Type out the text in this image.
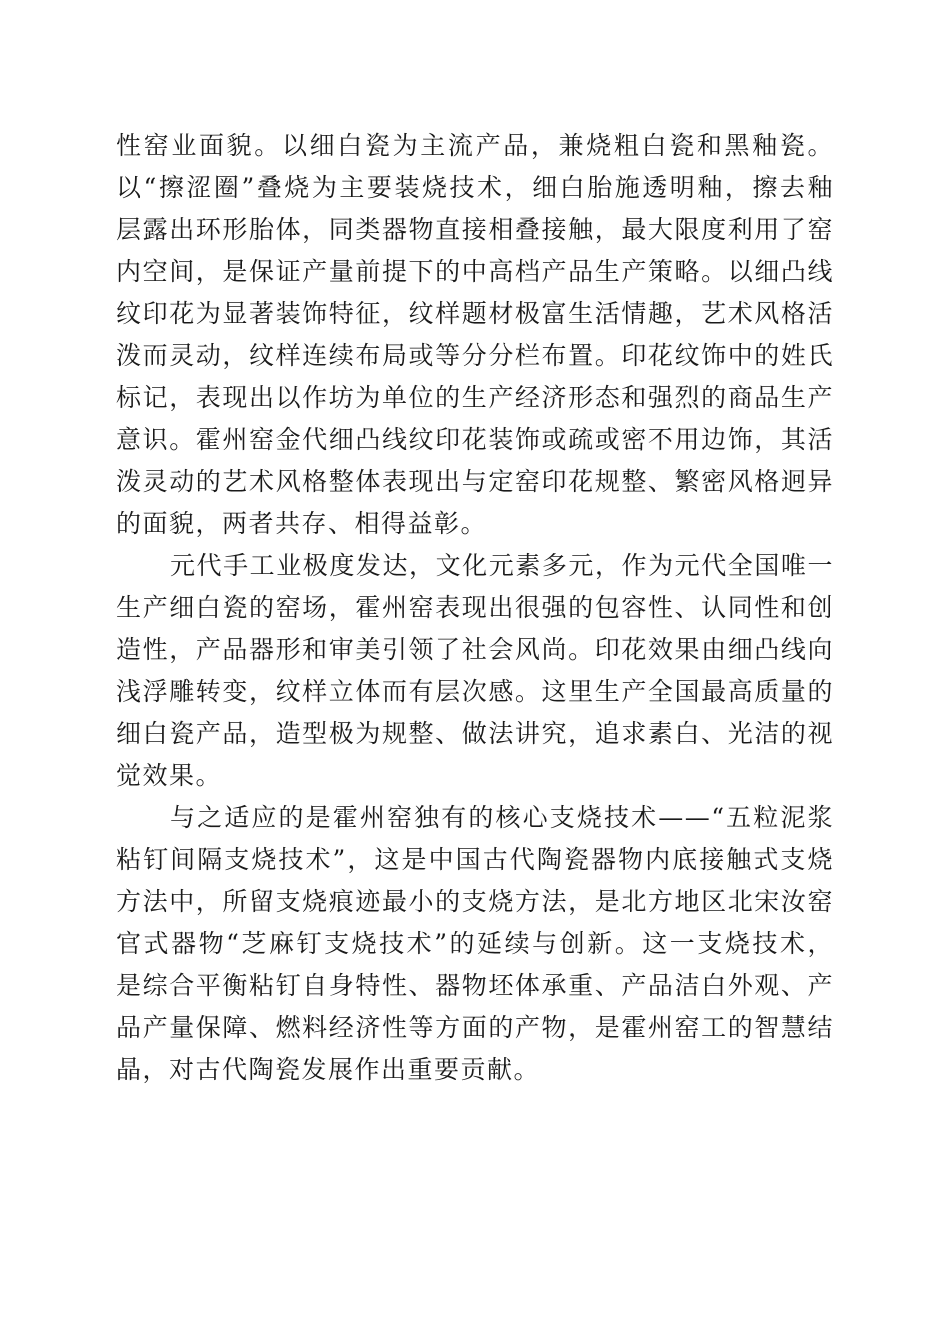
性窑业面貌。以细白瓷为主流产品，兼烧粗白瓷和黑釉瓷。
以“擦涩圈”叠烧为主要装烧技术，细白胎施透明釉，擦去釉
层露出环形胎体，同类器物直接相叠接触，最大限度利用了窑
内空间，是保证产量前提下的中高档产品生产策略。以细凸线
纹印花为显著装饰特征，纹样题材极富生活情趣，艺术风格活
泼而灵动，纹样连续布局或等分分栏布置。印花纹饰中的姓氏
标记，表现出以作坊为单位的生产经济形态和强烈的商品生产
意识。霍州窑金代细凸线纹印花装饰或疏或密不用边饰，其活
泼灵动的艺术风格整体表现出与定窑印花规整、繁密风格迥异
的面貌，两者共存、相得益彰。
元代手工业极度发达，文化元素多元，作为元代全国唯一
生产细白瓷的窑场，霍州窑表现出很强的包容性、认同性和创
造性，产品器形和审美引领了社会风尚。印花效果由细凸线向
浅浮雕转变，纹样立体而有层次感。这里生产全国最高质量的
细白瓷产品，造型极为规整、做法讲究，追求素白、光洁的视
觉效果。
与之适应的是霍州窑独有的核心支烧技术——“五粒泥浆
粘钉间隔支烧技术”，这是中国古代陶瓷器物内底接触式支烧
方法中，所留支烧痕迹最小的支烧方法，是北方地区北宋汝窑
官式器物“芝麻钉支烧技术”的延续与创新。这一支烧技术，
是综合平衡粘钉自身特性、器物坯体承重、产品洁白外观、产
品产量保障、燃料经济性等方面的产物，是霍州窑工的智慧结
晶，对古代陶瓷发展作出重要贡献。
